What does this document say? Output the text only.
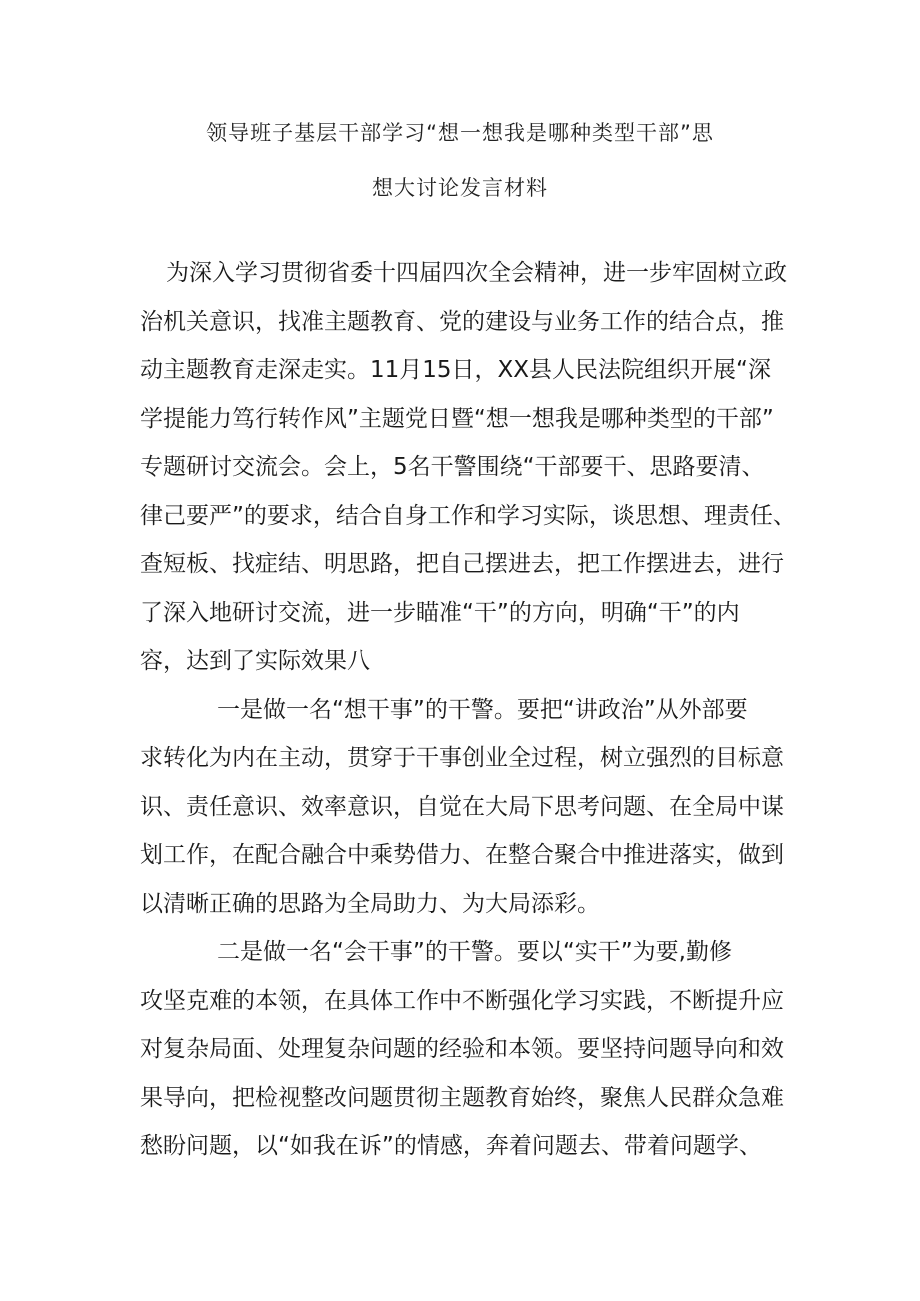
领导班子基层干部学习“想一想我是哪种类型干部”思
想大讨论发言材料
为深入学习贯彻省委十四届四次全会精神，进一步牢固树立政
治机关意识，找准主题教育、党的建设与业务工作的结合点，推
动主题教育走深走实。11月15日，XX县人民法院组织开展“深
学提能力笃行转作风”主题党日暨“想一想我是哪种类型的干部”
专题研讨交流会。会上，5名干警围绕“干部要干、思路要清、
律己要严”的要求，结合自身工作和学习实际，谈思想、理责任、
查短板、找症结、明思路，把自己摆进去，把工作摆进去，进行
了深入地研讨交流，进一步瞄准“干”的方向，明确“干”的内
容，达到了实际效果八
一是做一名“想干事”的干警。要把“讲政治”从外部要
求转化为内在主动，贯穿于干事创业全过程，树立强烈的目标意
识、责任意识、效率意识，自觉在大局下思考问题、在全局中谋
划工作，在配合融合中乘势借力、在整合聚合中推进落实，做到
以清晰正确的思路为全局助力、为大局添彩。
二是做一名“会干事”的干警。要以“实干”为要,勤修
攻坚克难的本领，在具体工作中不断强化学习实践，不断提升应
对复杂局面、处理复杂问题的经验和本领。要坚持问题导向和效
果导向，把检视整改问题贯彻主题教育始终，聚焦人民群众急难
愁盼问题，以“如我在诉”的情感，奔着问题去、带着问题学、
